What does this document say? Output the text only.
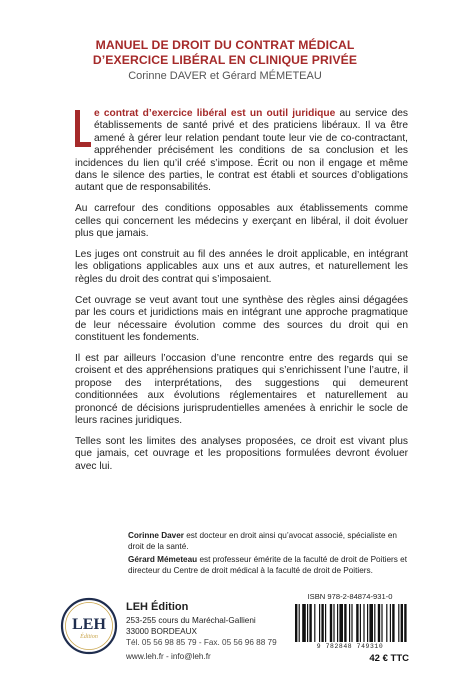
MANUEL DE DROIT DU CONTRAT MÉDICAL
D’EXERCICE LIBÉRAL EN CLINIQUE PRIVÉE
Corinne DAVER et Gérard MÉMETEAU

e contrat d’exercice libéral est un outil juridique au service des établissements de santé privé et des praticiens libéraux. Il va être amené à gérer leur relation pendant toute leur vie de co-contractant, appréhender précisément les conditions de sa conclusion et les incidences du lien qu’il créé s’impose. Écrit ou non il engage et même dans le silence des parties, le contrat est établi et sources d’obligations autant que de responsabilités.

Au carrefour des conditions opposables aux établissements comme celles qui concernent les médecins y exerçant en libéral, il doit évoluer plus que jamais.

Les juges ont construit au fil des années le droit applicable, en intégrant les obligations applicables aux uns et aux autres, et naturellement les règles du droit des contrat qui s’imposaient.

Cet ouvrage se veut avant tout une synthèse des règles ainsi dégagées par les cours et juridictions mais en intégrant une approche pragmatique de leur nécessaire évolution comme des sources du droit qui en constituent les fondements.

Il est par ailleurs l’occasion d’une rencontre entre des regards qui se croisent et des appréhensions pratiques qui s’enrichissent l’une l’autre, il propose des interprétations, des suggestions qui demeurent conditionnées aux évolutions réglementaires et naturellement au prononcé de décisions jurisprudentielles amenées à enrichir le socle de leurs racines juridiques.

Telles sont les limites des analyses proposées, ce droit est vivant plus que jamais, cet ouvrage et les propositions formulées devront évoluer avec lui.

Corinne Daver est docteur en droit ainsi qu’avocat associé, spécialiste en droit de la santé.

Gérard Mémeteau est professeur émérite de la faculté de droit de Poitiers et directeur du Centre de droit médical à la faculté de droit de Poitiers.

LEH
Édition
LEH Édition
253-255 cours du Maréchal-Gallieni
33000 BORDEAUX
Tél. 05 56 98 85 79 - Fax. 05 56 96 88 79
www.leh.fr - info@leh.fr
ISBN 978-2-84874-931-0
9 782848 749310
42 € TTC
